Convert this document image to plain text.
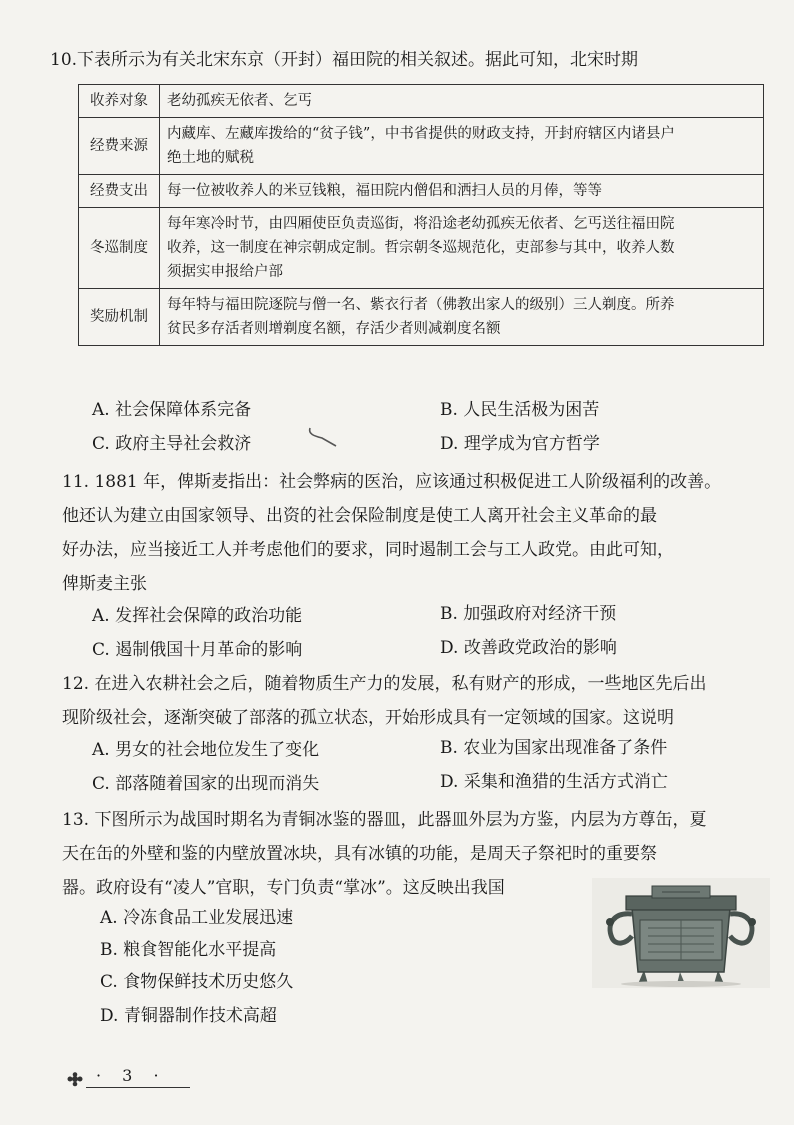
10.下表所示为有关北宋东京（开封）福田院的相关叙述。据此可知，北宋时期
收养对象	老幼孤疾无依者、乞丐

经费来源	内藏库、左藏库拨给的“贫子钱”，中书省提供的财政支持，开封府辖区内诸县户
绝土地的赋税

经费支出	每一位被收养人的米豆钱粮，福田院内僧侣和洒扫人员的月俸，等等

冬巡制度	每年寒冷时节，由四厢使臣负责巡街，将沿途老幼孤疾无依者、乞丐送往福田院
收养，这一制度在神宗朝成定制。哲宗朝冬巡规范化，吏部参与其中，收养人数
须据实申报给户部

奖励机制	每年特与福田院逐院与僧一名、紫衣行者（佛教出家人的级别）三人剃度。所养
贫民多存活者则增剃度名额，存活少者则减剃度名额
A. 社会保障体系完备	B. 人民生活极为困苦
C. 政府主导社会救济	D. 理学成为官方哲学
11. 1881 年，俾斯麦指出：社会弊病的医治，应该通过积极促进工人阶级福利的改善。
他还认为建立由国家领导、出资的社会保险制度是使工人离开社会主义革命的最
好办法，应当接近工人并考虑他们的要求，同时遏制工会与工人政党。由此可知，
俾斯麦主张
A. 发挥社会保障的政治功能	B. 加强政府对经济干预
C. 遏制俄国十月革命的影响	D. 改善政党政治的影响
12. 在进入农耕社会之后，随着物质生产力的发展，私有财产的形成，一些地区先后出
现阶级社会，逐渐突破了部落的孤立状态，开始形成具有一定领域的国家。这说明
A. 男女的社会地位发生了变化	B. 农业为国家出现准备了条件
C. 部落随着国家的出现而消失	D. 采集和渔猎的生活方式消亡
13. 下图所示为战国时期名为青铜冰鉴的器皿，此器皿外层为方鉴，内层为方尊缶，夏
天在缶的外壁和鉴的内壁放置冰块，具有冰镇的功能，是周天子祭祀时的重要祭
器。政府设有“凌人”官职，专门负责“掌冰”。这反映出我国
A. 冷冻食品工业发展迅速
B. 粮食智能化水平提高
C. 食物保鲜技术历史悠久
D. 青铜器制作技术高超
· 3 ·
